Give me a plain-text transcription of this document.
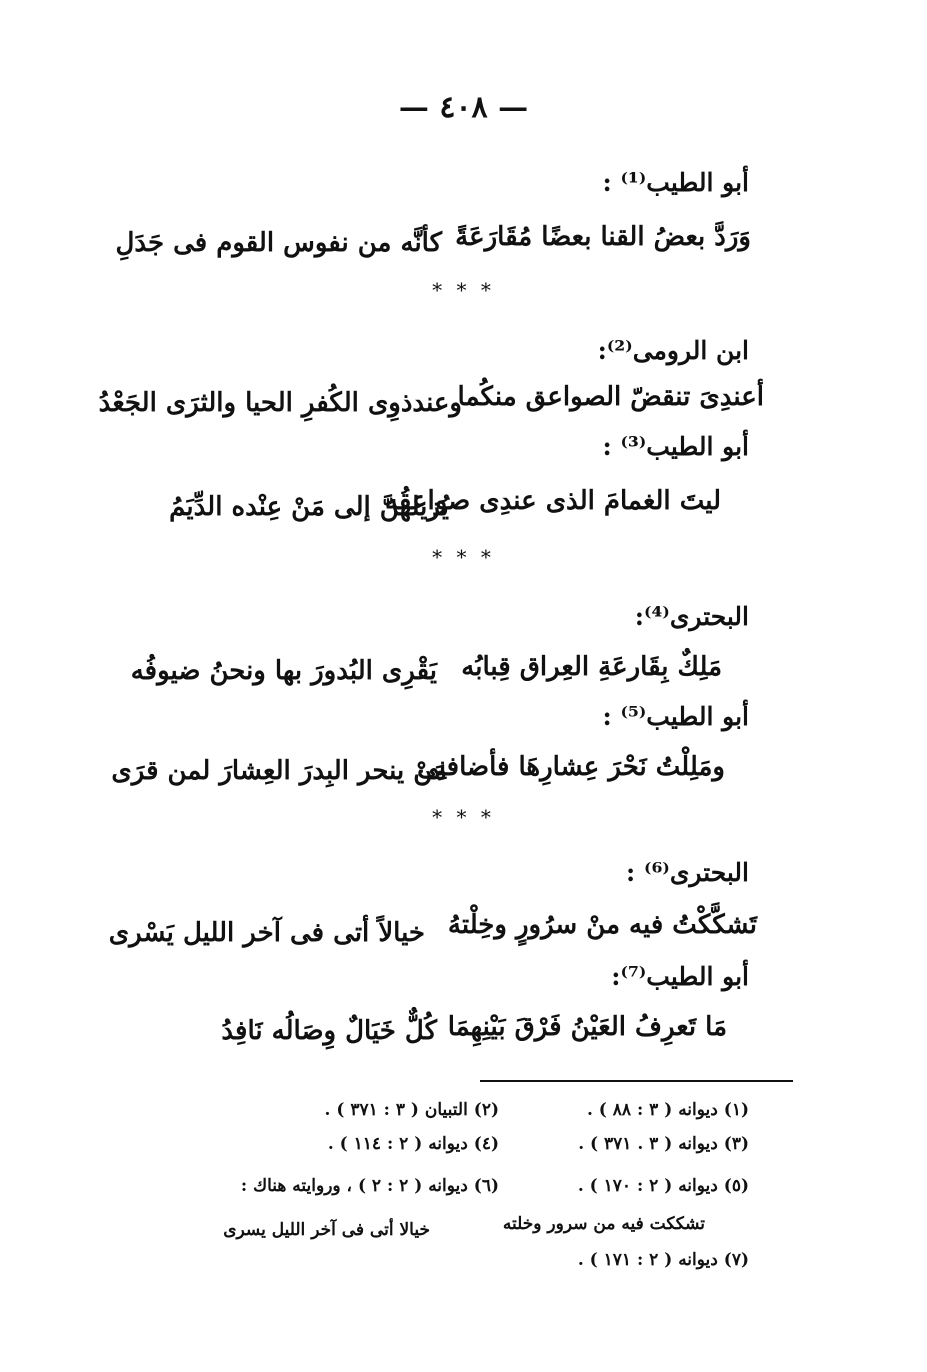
— ٤٠٨ —
أبو الطيب⁽¹⁾ :
وَرَدَّ بعضُ القنا بعضًا مُقَارَعَةً
كأنَّه من نفوس القوم فى جَدَلِ
* * *
ابن الرومى⁽²⁾:
أعندِىَ تنقضّ الصواعق منكُما
وعندذوِى الكُفرِ الحيا والثرَى الجَعْدُ
أبو الطيب⁽³⁾ :
ليتَ الغمامَ الذى عندِى صواعقُه
يُزيلهنَّ إلى مَنْ عِنْده الدِّيَمُ
* * *
البحترى⁽⁴⁾:
مَلِكٌ بِقَارعَةِ العِراق قِبابُه
يَقْرِى البُدورَ بها ونحنُ ضيوفُه
أبو الطيب⁽⁵⁾ :
ومَلِلْتُ نَحْرَ عِشارِهَا فأضافنِى
مَنْ ينحر البِدرَ العِشارَ لمن قرَى
* * *
البحترى⁽⁶⁾ :
تَشكَّكْتُ فيه منْ سرُورٍ وخِلْتهُ
خيالاً أتى فى آخر الليل يَسْرى
أبو الطيب⁽⁷⁾:
مَا تَعرِفُ العَيْنُ فَرْقَ بَيْنِهِمَا
كُلٌّ خَيَالٌ وِصَالُه نَافِدُ
(١) ديوانه ( ٣ : ٨٨ ) .
(٢) التبيان ( ٣ : ٣٧١ ) .
(٣) ديوانه ( ٣ . ٣٧١ ) .
(٤) ديوانه ( ٢ : ١١٤ ) .
(٥) ديوانه ( ٢ : ١٧٠ ) .
(٦) ديوانه ( ٢ : ٢ ) ، وروايته هناك :
تشككت فيه من سرور وخلته
خيالا أتى فى آخر الليل يسرى
(٧) ديوانه ( ٢ : ١٧١ ) .
